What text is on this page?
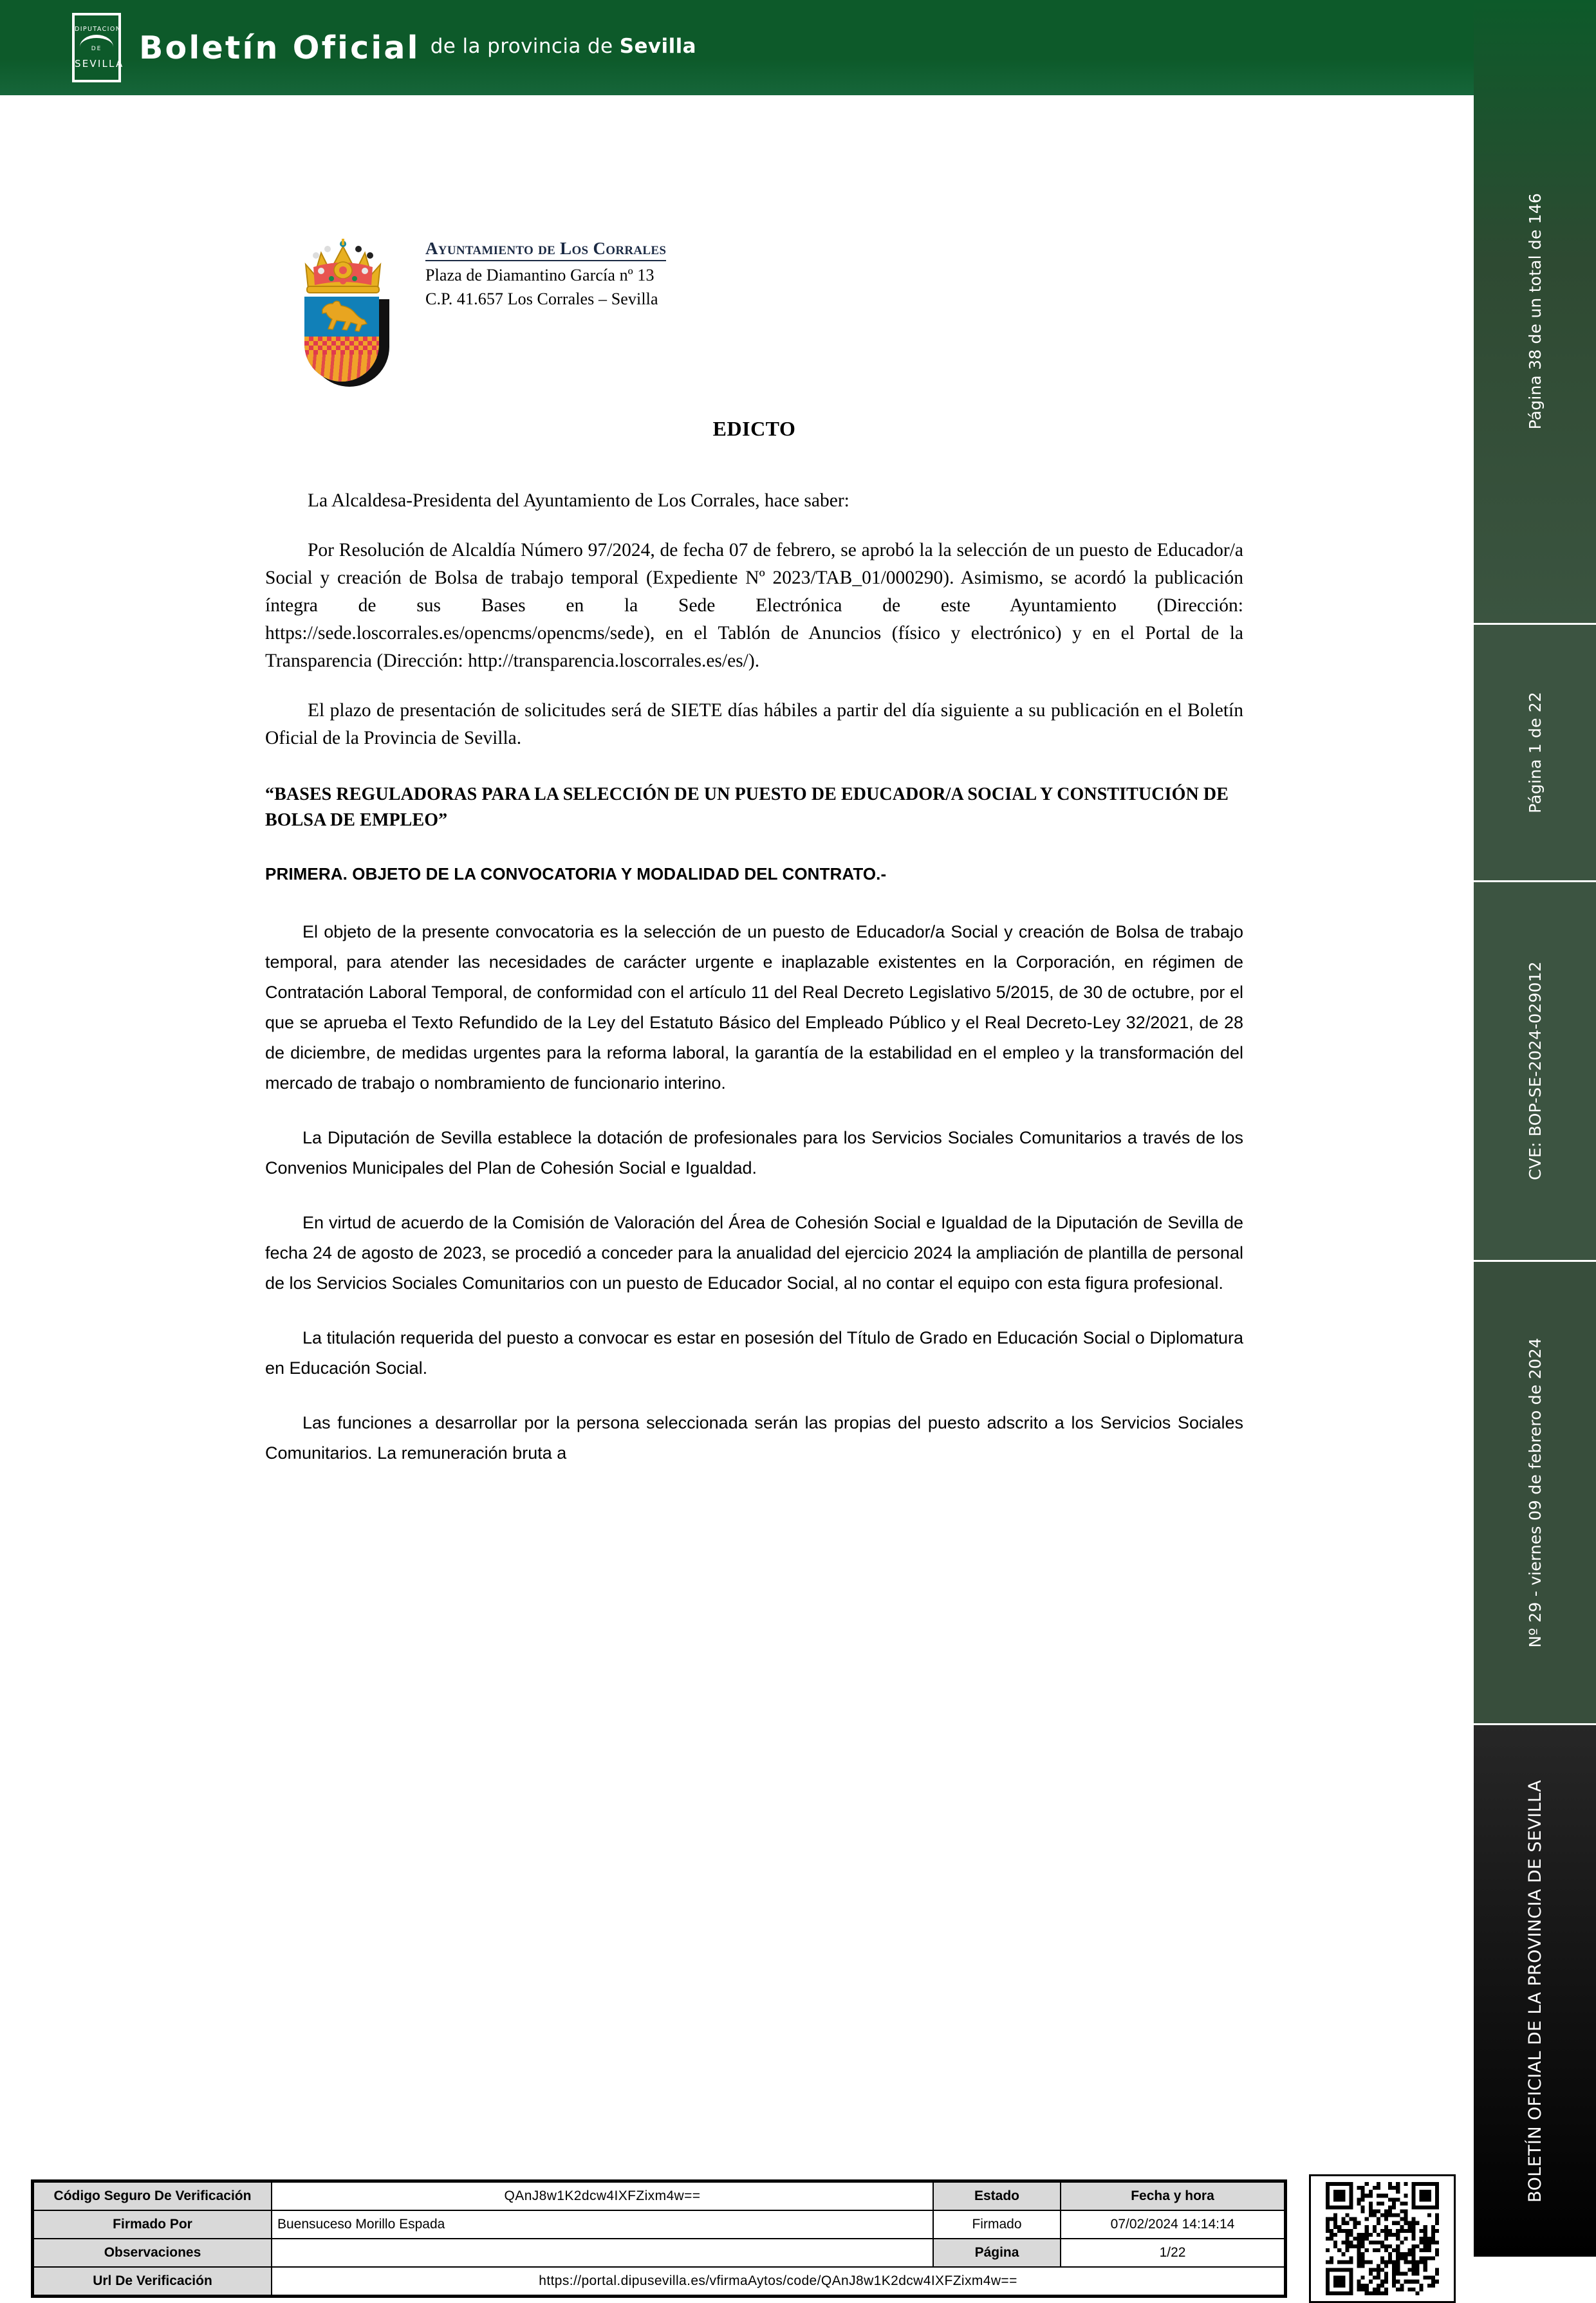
DIPUTACION
DE
SEVILLA Boletín Oficial de la provincia de Sevilla
Página 38 de un total de 146
Página 1 de 22
CVE: BOP-SE-2024-029012
Nº 29 - viernes 09 de febrero de 2024
BOLETÍN OFICIAL DE LA PROVINCIA DE SEVILLA
Ayuntamiento de Los Corrales
Plaza de Diamantino García nº 13
C.P. 41.657 Los Corrales – Sevilla
EDICTO

La Alcaldesa-Presidenta del Ayuntamiento de Los Corrales, hace saber:

Por Resolución de Alcaldía Número 97/2024, de fecha 07 de febrero, se aprobó la la selección de un puesto de Educador/a Social y creación de Bolsa de trabajo temporal (Expediente Nº 2023/TAB_01/000290). Asimismo, se acordó la publicación íntegra de sus Bases en la Sede Electrónica de este Ayuntamiento (Dirección: https://sede.loscorrales.es/opencms/opencms/sede), en el Tablón de Anuncios (físico y electrónico) y en el Portal de la Transparencia (Dirección: http://transparencia.loscorrales.es/es/).

El plazo de presentación de solicitudes será de SIETE días hábiles a partir del día siguiente a su publicación en el Boletín Oficial de la Provincia de Sevilla.

“BASES REGULADORAS PARA LA SELECCIÓN DE UN PUESTO DE EDUCADOR/A SOCIAL Y CONSTITUCIÓN DE BOLSA DE EMPLEO”

PRIMERA. OBJETO DE LA CONVOCATORIA Y MODALIDAD DEL CONTRATO.-

El objeto de la presente convocatoria es la selección de un puesto de Educador/a Social y creación de Bolsa de trabajo temporal, para atender las necesidades de carácter urgente e inaplazable existentes en la Corporación, en régimen de Contratación Laboral Temporal, de conformidad con el artículo 11 del Real Decreto Legislativo 5/2015, de 30 de octubre, por el que se aprueba el Texto Refundido de la Ley del Estatuto Básico del Empleado Público y el Real Decreto-Ley 32/2021, de 28 de diciembre, de medidas urgentes para la reforma laboral, la garantía de la estabilidad en el empleo y la transformación del mercado de trabajo o nombramiento de funcionario interino.

La Diputación de Sevilla establece la dotación de profesionales para los Servicios Sociales Comunitarios a través de los Convenios Municipales del Plan de Cohesión Social e Igualdad.

En virtud de acuerdo de la Comisión de Valoración del Área de Cohesión Social e Igualdad de la Diputación de Sevilla de fecha 24 de agosto de 2023, se procedió a conceder para la anualidad del ejercicio 2024 la ampliación de plantilla de personal de los Servicios Sociales Comunitarios con un puesto de Educador Social, al no contar el equipo con esta figura profesional.

La titulación requerida del puesto a convocar es estar en posesión del Título de Grado en Educación Social o Diplomatura en Educación Social.

Las funciones a desarrollar por la persona seleccionada serán las propias del puesto adscrito a los Servicios Sociales Comunitarios. La remuneración bruta a

Código Seguro De Verificación	QAnJ8w1K2dcw4IXFZixm4w==	Estado	Fecha y hora
Firmado Por	Buensuceso Morillo Espada	Firmado	07/02/2024 14:14:14
Observaciones		Página	1/22
Url De Verificación	https://portal.dipusevilla.es/vfirmaAytos/code/QAnJ8w1K2dcw4IXFZixm4w==		
